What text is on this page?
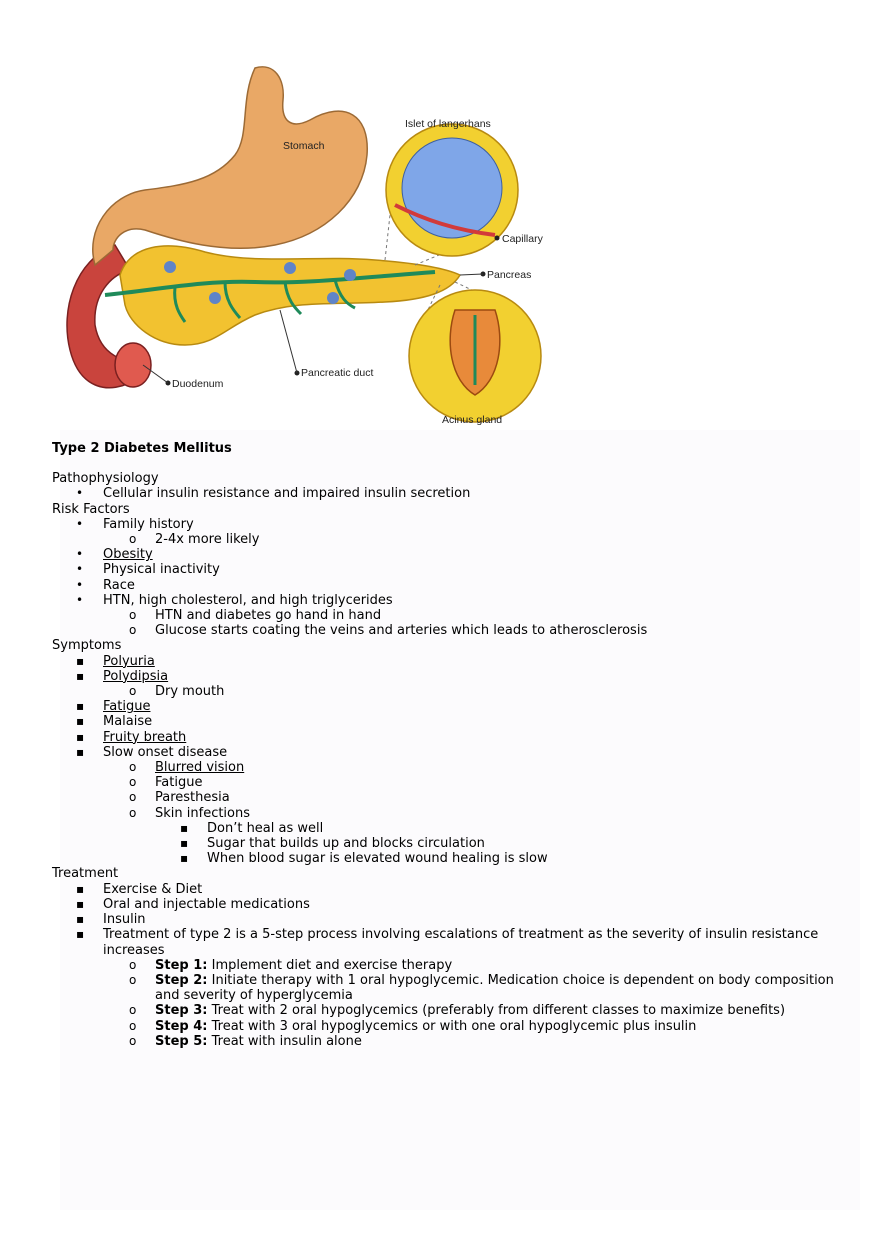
Stomach
Islet of langerhans
Capillary
Pancreas
Pancreatic duct
Duodenum
Acinus gland
Type 2 Diabetes Mellitus
Pathophysiology
• Cellular insulin resistance and impaired insulin secretion
Risk Factors
• Family history
o 2-4x more likely
• Obesity
• Physical inactivity
• Race
• HTN, high cholesterol, and high triglycerides
o HTN and diabetes go hand in hand
o Glucose starts coating the veins and arteries which leads to atherosclerosis
Symptoms
▪ Polyuria
▪ Polydipsia
o Dry mouth
▪ Fatigue
▪ Malaise
▪ Fruity breath
▪ Slow onset disease
o Blurred vision
o Fatigue
o Paresthesia
o Skin infections
▪ Don’t heal as well
▪ Sugar that builds up and blocks circulation
▪ When blood sugar is elevated wound healing is slow
Treatment
▪ Exercise & Diet
▪ Oral and injectable medications
▪ Insulin
▪ Treatment of type 2 is a 5-step process involving escalations of treatment as the severity of insulin resistance increases
o Step 1: Implement diet and exercise therapy
o Step 2: Initiate therapy with 1 oral hypoglycemic. Medication choice is dependent on body composition and severity of hyperglycemia
o Step 3: Treat with 2 oral hypoglycemics (preferably from different classes to maximize benefits)
o Step 4: Treat with 3 oral hypoglycemics or with one oral hypoglycemic plus insulin
o Step 5: Treat with insulin alone
